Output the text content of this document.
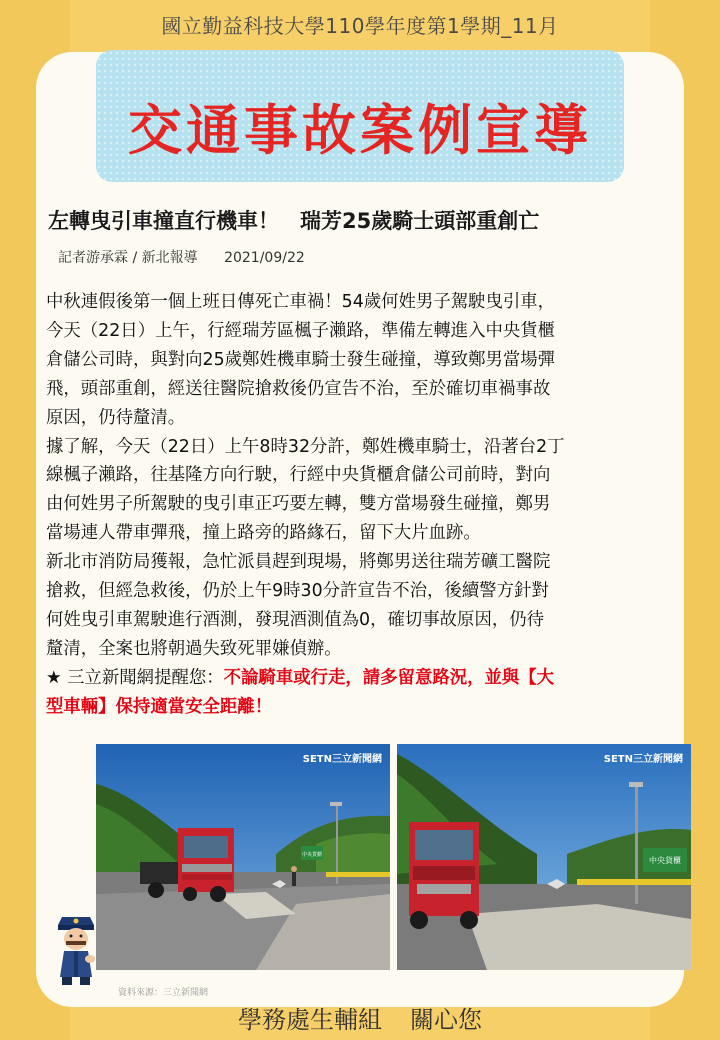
國立勤益科技大學110學年度第1學期_11月
交通事故案例宣導
左轉曳引車撞直行機車！　瑞芳25歲騎士頭部重創亡
記者游承霖 / 新北報導 2021/09/22

中秋連假後第一個上班日傳死亡車禍！54歲何姓男子駕駛曳引車，

今天（22日）上午，行經瑞芳區楓子瀨路，準備左轉進入中央貨櫃

倉儲公司時，與對向25歲鄭姓機車騎士發生碰撞，導致鄭男當場彈

飛，頭部重創，經送往醫院搶救後仍宣告不治，至於確切車禍事故

原因，仍待釐清。

據了解，今天（22日）上午8時32分許，鄭姓機車騎士，沿著台2丁

線楓子瀨路，往基隆方向行駛，行經中央貨櫃倉儲公司前時，對向

由何姓男子所駕駛的曳引車正巧要左轉，雙方當場發生碰撞，鄭男

當場連人帶車彈飛，撞上路旁的路緣石，留下大片血跡。

新北市消防局獲報，急忙派員趕到現場，將鄭男送往瑞芳礦工醫院

搶救，但經急救後，仍於上午9時30分許宣告不治，後續警方針對

何姓曳引車駕駛進行酒測，發現酒測值為0，確切事故原因，仍待

釐清，全案也將朝過失致死罪嫌偵辦。

★ 三立新聞網提醒您：不論騎車或行走，請多留意路況，並與【大

型車輛】保持適當安全距離！

中央貨櫃
SETN三立新聞網
中央貨櫃
SETN三立新聞網
資料來源：三立新聞網
學務處生輔組 關心您
